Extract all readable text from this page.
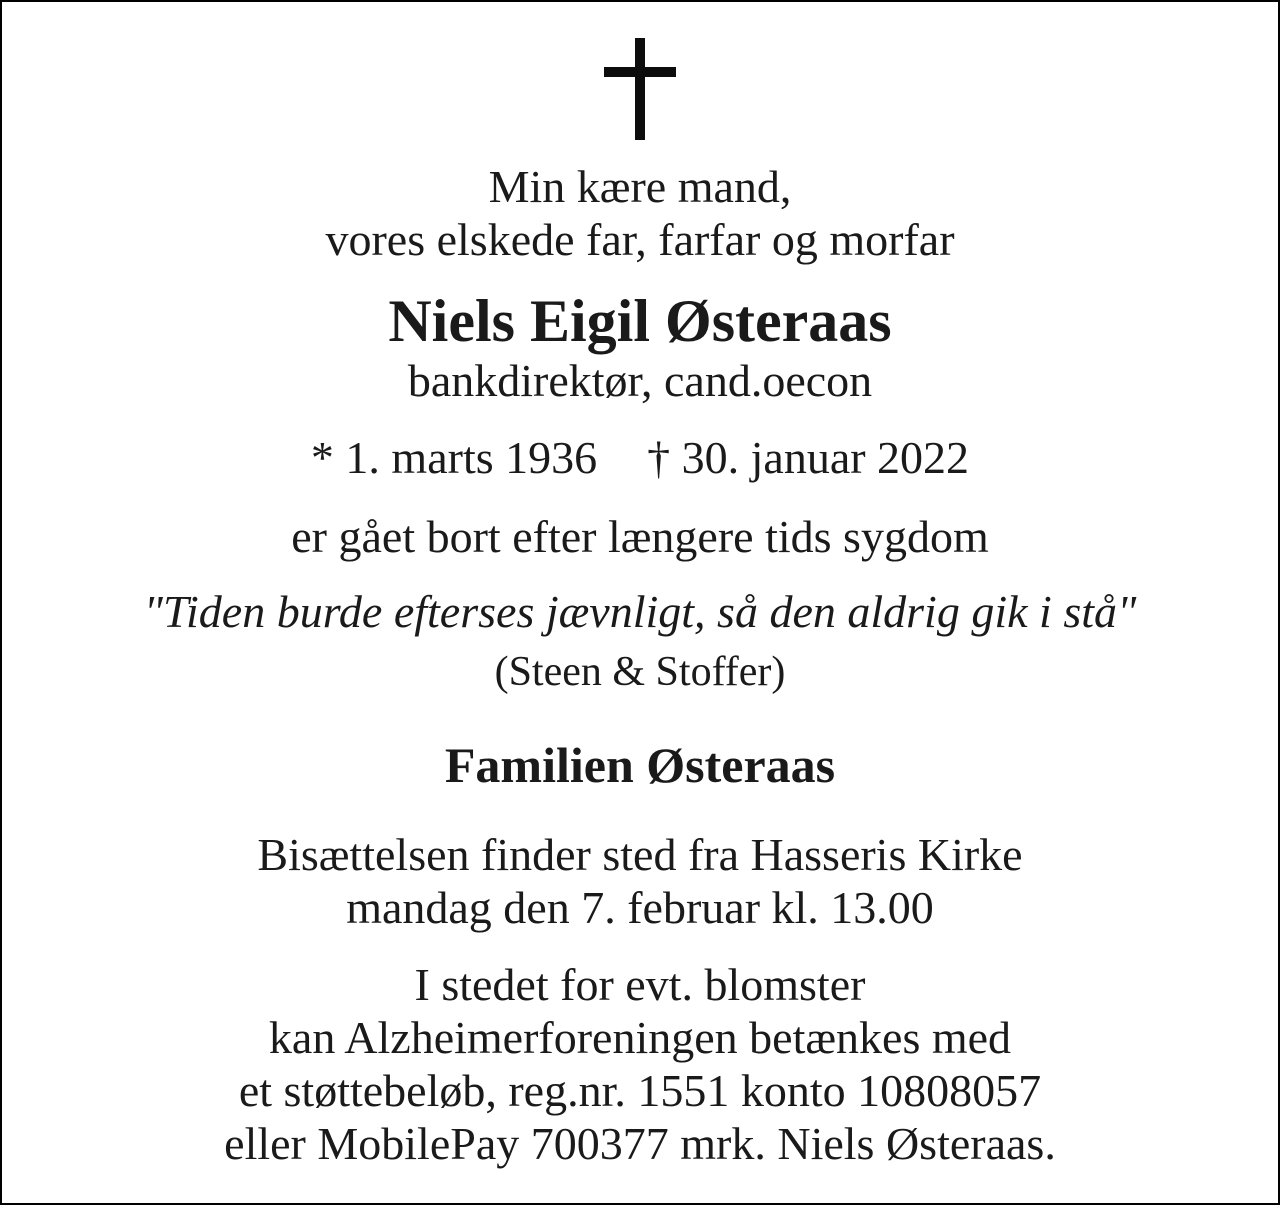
Min kære mand,
vores elskede far, farfar og morfar
Niels Eigil Østeraas
bankdirektør, cand.oecon
* 1. marts 1936 † 30. januar 2022
er gået bort efter længere tids sygdom
"Tiden burde efterses jævnligt, så den aldrig gik i stå"
(Steen & Stoffer)
Familien Østeraas
Bisættelsen finder sted fra Hasseris Kirke
mandag den 7. februar kl. 13.00
I stedet for evt. blomster
kan Alzheimerforeningen betænkes med
et støttebeløb, reg.nr. 1551 konto 10808057
eller MobilePay 700377 mrk. Niels Østeraas.
